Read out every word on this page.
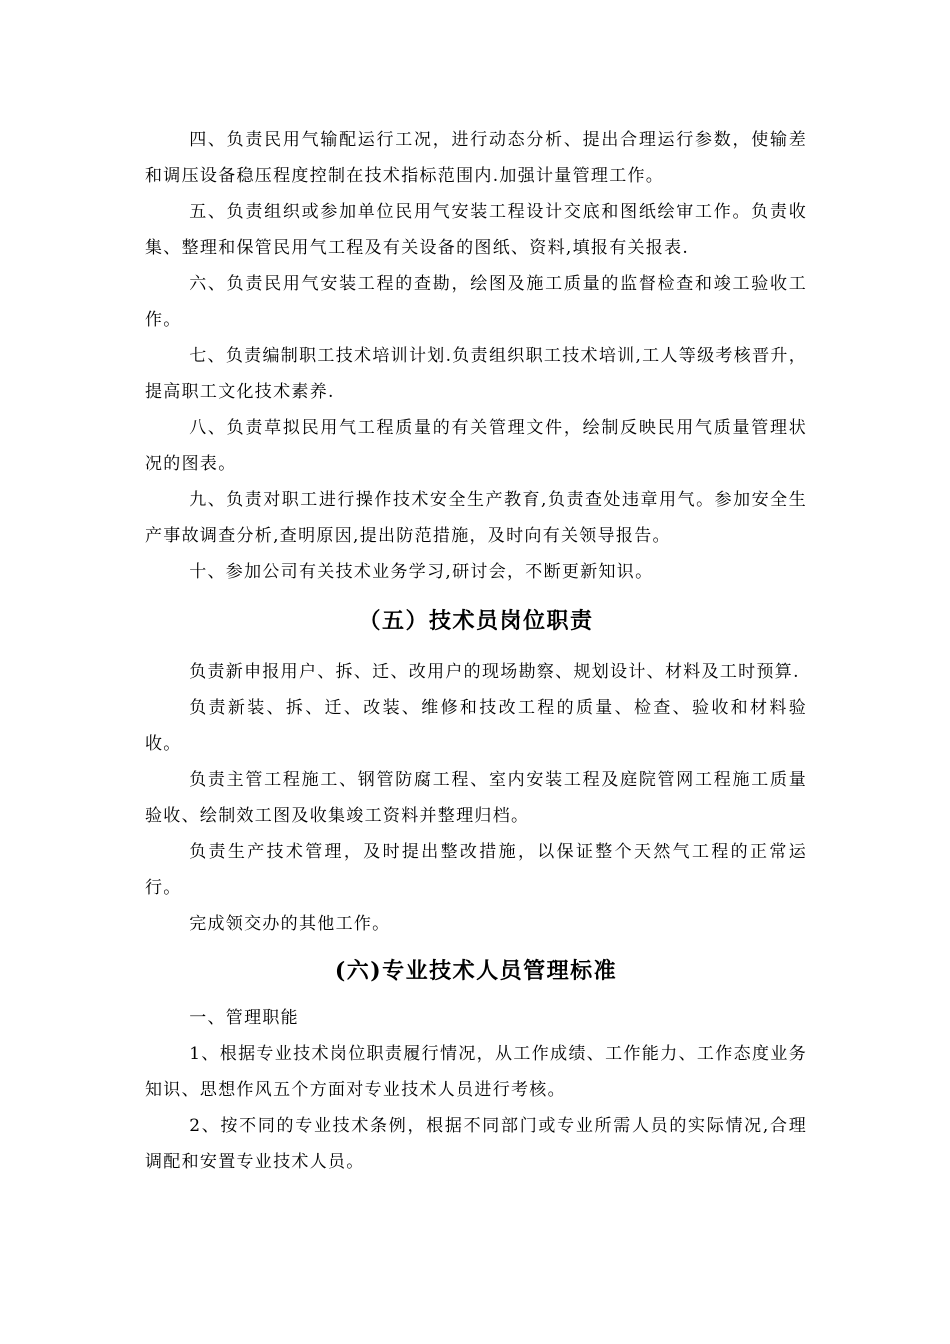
四、负责民用气输配运行工况，进行动态分析、提出合理运行参数，使输差和调压设备稳压程度控制在技术指标范围内.加强计量管理工作。

五、负责组织或参加单位民用气安装工程设计交底和图纸绘审工作。负责收集、整理和保管民用气工程及有关设备的图纸、资料,填报有关报表.

六、负责民用气安装工程的查勘，绘图及施工质量的监督检查和竣工验收工作。

七、负责编制职工技术培训计划.负责组织职工技术培训,工人等级考核晋升，提高职工文化技术素养.

八、负责草拟民用气工程质量的有关管理文件，绘制反映民用气质量管理状况的图表。

九、负责对职工进行操作技术安全生产教育,负责查处违章用气。参加安全生产事故调查分析,查明原因,提出防范措施，及时向有关领导报告。

十、参加公司有关技术业务学习,研讨会，不断更新知识。

（五）技术员岗位职责

负责新申报用户、拆、迁、改用户的现场勘察、规划设计、材料及工时预算.

负责新装、拆、迁、改装、维修和技改工程的质量、检查、验收和材料验收。

负责主管工程施工、钢管防腐工程、室内安装工程及庭院管网工程施工质量验收、绘制效工图及收集竣工资料并整理归档。

负责生产技术管理，及时提出整改措施，以保证整个天然气工程的正常运行。

完成领交办的其他工作。

(六)专业技术人员管理标准

一、管理职能

1、根据专业技术岗位职责履行情况，从工作成绩、工作能力、工作态度业务知识、思想作风五个方面对专业技术人员进行考核。

2、按不同的专业技术条例，根据不同部门或专业所需人员的实际情况,合理调配和安置专业技术人员。
